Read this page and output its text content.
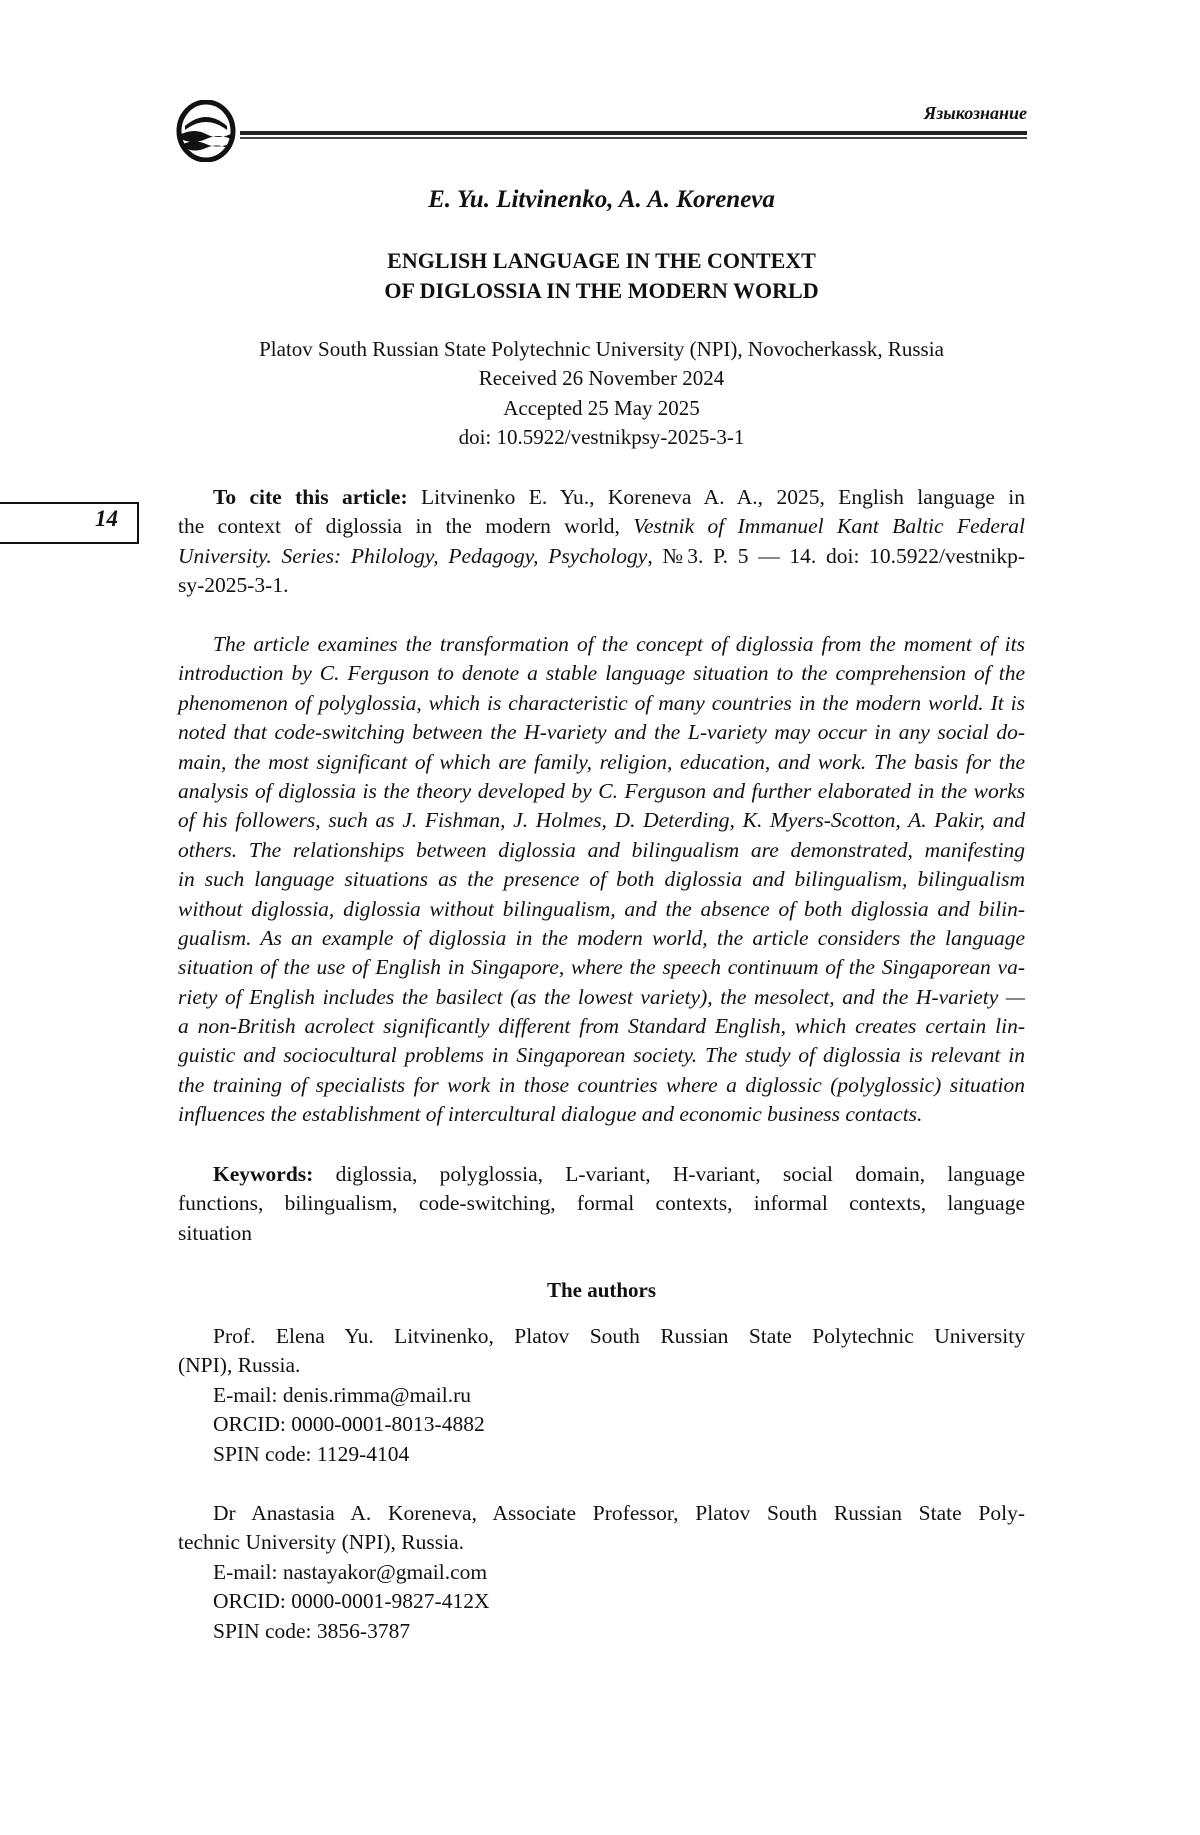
Языкознание
14
E. Yu. Litvinenko, A. A. Koreneva
ENGLISH LANGUAGE IN THE CONTEXT
OF DIGLOSSIA IN THE MODERN WORLD
Platov South Russian State Polytechnic University (NPI), Novocherkassk, Russia
Received 26 November 2024
Accepted 25 May 2025
doi: 10.5922/vestnikpsy-2025-3-1
To cite this article: Litvinenko E. Yu., Koreneva A. A., 2025, English language in
the context of diglossia in the modern world, Vestnik of Immanuel Kant Baltic Federal
University. Series: Philology, Pedagogy, Psychology, №3. P. 5 — 14. doi: 10.5922/vestnikp-
sy-2025-3-1.
The article examines the transformation of the concept of diglossia from the moment of its
introduction by C. Ferguson to denote a stable language situation to the comprehension of the
phenomenon of polyglossia, which is characteristic of many countries in the modern world. It is
noted that code-switching between the H-variety and the L-variety may occur in any social do-
main, the most significant of which are family, religion, education, and work. The basis for the
analysis of diglossia is the theory developed by C. Ferguson and further elaborated in the works
of his followers, such as J. Fishman, J. Holmes, D. Deterding, K. Myers-Scotton, A. Pakir, and
others. The relationships between diglossia and bilingualism are demonstrated, manifesting
in such language situations as the presence of both diglossia and bilingualism, bilingualism
without diglossia, diglossia without bilingualism, and the absence of both diglossia and bilin-
gualism. As an example of diglossia in the modern world, the article considers the language
situation of the use of English in Singapore, where the speech continuum of the Singaporean va-
riety of English includes the basilect (as the lowest variety), the mesolect, and the H-variety —
a non-British acrolect significantly different from Standard English, which creates certain lin-
guistic and sociocultural problems in Singaporean society. The study of diglossia is relevant in
the training of specialists for work in those countries where a diglossic (polyglossic) situation
influences the establishment of intercultural dialogue and economic business contacts.
Keywords: diglossia, polyglossia, L-variant, H-variant, social domain, language
functions, bilingualism, code-switching, formal contexts, informal contexts, language
situation
The authors
Prof. Elena Yu. Litvinenko, Platov South Russian State Polytechnic University
(NPI), Russia.
E-mail: denis.rimma@mail.ru
ORCID: 0000-0001-8013-4882
SPIN code: 1129-4104
Dr Anastasia A. Koreneva, Associate Professor, Platov South Russian State Poly-
technic University (NPI), Russia.
E-mail: nastayakor@gmail.com
ORCID: 0000-0001-9827-412X
SPIN code: 3856-3787
